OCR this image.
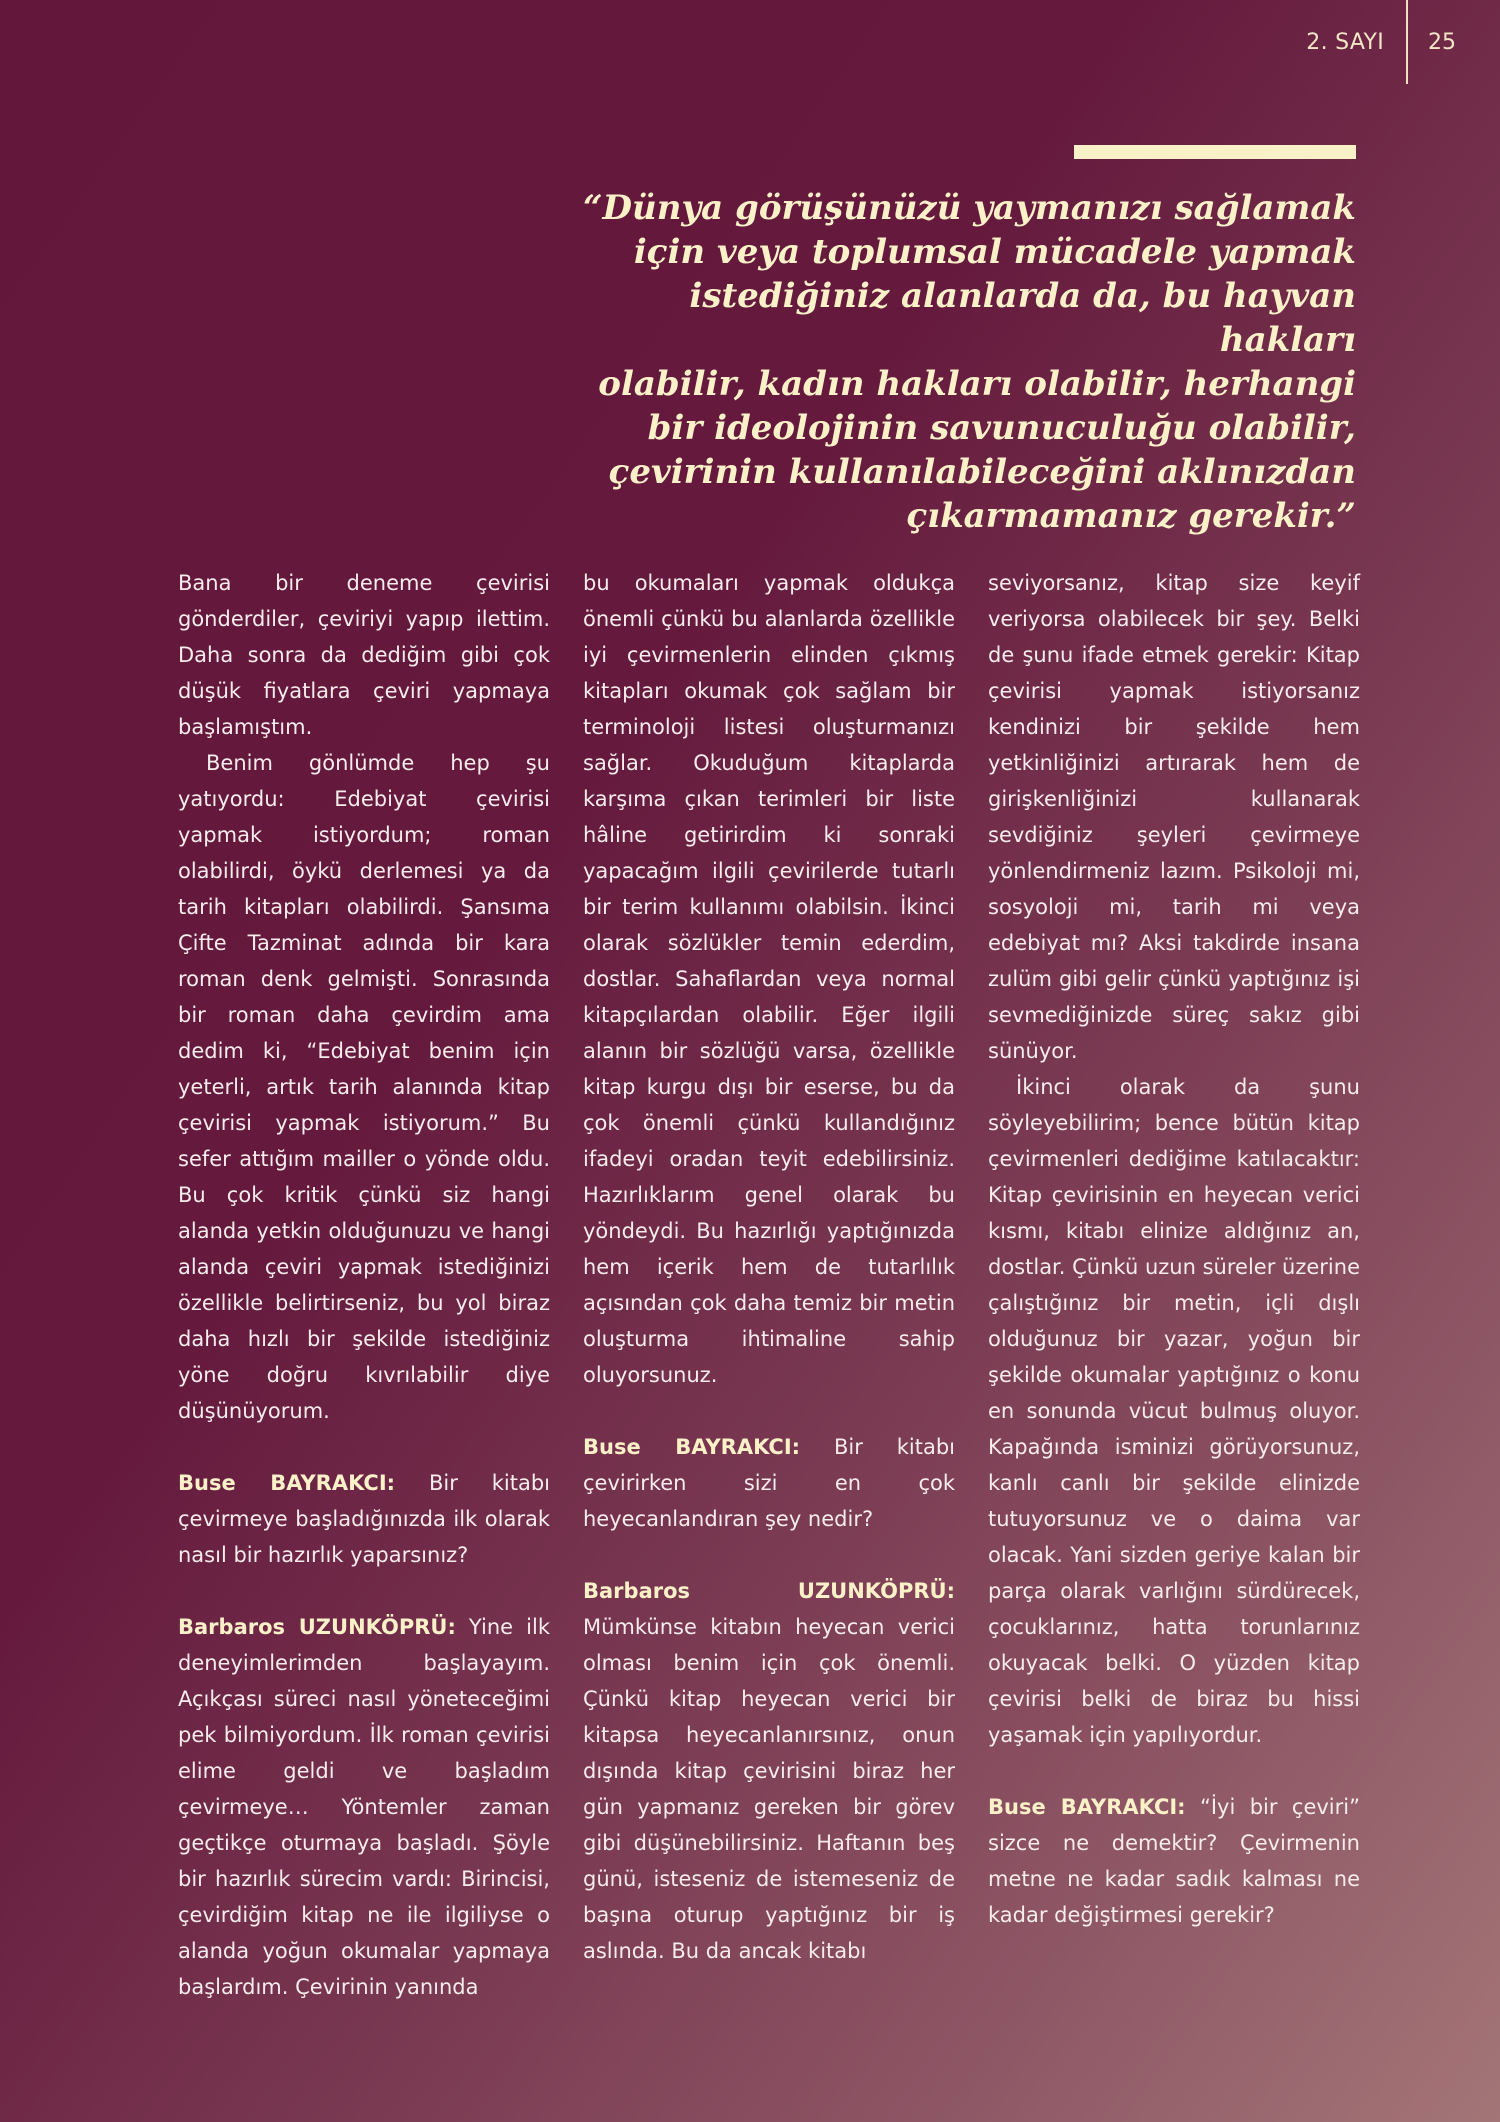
2. SAYI	25

“Dünya görüşünüzü yaymanızı sağlamak
için veya toplumsal mücadele yapmak
istediğiniz alanlarda da, bu hayvan hakları
olabilir, kadın hakları olabilir, herhangi
bir ideolojinin savunuculuğu olabilir,
çevirinin kullanılabileceğini aklınızdan
çıkarmamanız gerekir.”

Bana bir deneme çevirisi gönderdiler, çeviriyi yapıp ilettim. Daha sonra da dediğim gibi çok düşük fiyatlara çeviri yapmaya başlamıştım.

Benim gönlümde hep şu yatıyordu: Edebiyat çevirisi yapmak istiyordum; roman olabilirdi, öykü derlemesi ya da tarih kitapları olabilirdi. Şansıma Çifte Tazminat adında bir kara roman denk gelmişti. Sonrasında bir roman daha çevirdim ama dedim ki, “Edebiyat benim için yeterli, artık tarih alanında kitap çevirisi yapmak istiyorum.” Bu sefer attığım mailler o yönde oldu. Bu çok kritik çünkü siz hangi alanda yetkin olduğunuzu ve hangi alanda çeviri yapmak istediğinizi özellikle belirtirseniz, bu yol biraz daha hızlı bir şekilde istediğiniz yöne doğru kıvrılabilir diye düşünüyorum.

Buse BAYRAKCI: Bir kitabı çevirmeye başladığınızda ilk olarak nasıl bir hazırlık yaparsınız?

Barbaros UZUNKÖPRÜ: Yine ilk deneyimlerimden başlayayım. Açıkçası süreci nasıl yöneteceğimi pek bilmiyordum. İlk roman çevirisi elime geldi ve başladım çevirmeye… Yöntemler zaman geçtikçe oturmaya başladı. Şöyle bir hazırlık sürecim vardı: Birincisi, çevirdiğim kitap ne ile ilgiliyse o alanda yoğun okumalar yapmaya başlardım. Çevirinin yanında

bu okumaları yapmak oldukça önemli çünkü bu alanlarda özellikle iyi çevirmenlerin elinden çıkmış kitapları okumak çok sağlam bir terminoloji listesi oluşturmanızı sağlar. Okuduğum kitaplarda karşıma çıkan terimleri bir liste hâline getirirdim ki sonraki yapacağım ilgili çevirilerde tutarlı bir terim kullanımı olabilsin. İkinci olarak sözlükler temin ederdim, dostlar. Sahaflardan veya normal kitapçılardan olabilir. Eğer ilgili alanın bir sözlüğü varsa, özellikle kitap kurgu dışı bir eserse, bu da çok önemli çünkü kullandığınız ifadeyi oradan teyit edebilirsiniz. Hazırlıklarım genel olarak bu yöndeydi. Bu hazırlığı yaptığınızda hem içerik hem de tutarlılık açısından çok daha temiz bir metin oluşturma ihtimaline sahip oluyorsunuz.

Buse BAYRAKCI: Bir kitabı çevirirken sizi en çok heyecanlandıran şey nedir?

Barbaros UZUNKÖPRÜ: Mümkünse kitabın heyecan verici olması benim için çok önemli. Çünkü kitap heyecan verici bir kitapsa heyecanlanırsınız, onun dışında kitap çevirisini biraz her gün yapmanız gereken bir görev gibi düşünebilirsiniz. Haftanın beş günü, isteseniz de istemeseniz de başına oturup yaptığınız bir iş aslında. Bu da ancak kitabı

seviyorsanız, kitap size keyif veriyorsa olabilecek bir şey. Belki de şunu ifade etmek gerekir: Kitap çevirisi yapmak istiyorsanız kendinizi bir şekilde hem yetkinliğinizi artırarak hem de girişkenliğinizi kullanarak sevdiğiniz şeyleri çevirmeye yönlendirmeniz lazım. Psikoloji mi, sosyoloji mi, tarih mi veya edebiyat mı? Aksi takdirde insana zulüm gibi gelir çünkü yaptığınız işi sevmediğinizde süreç sakız gibi sünüyor.

İkinci olarak da şunu söyleyebilirim; bence bütün kitap çevirmenleri dediğime katılacaktır: Kitap çevirisinin en heyecan verici kısmı, kitabı elinize aldığınız an, dostlar. Çünkü uzun süreler üzerine çalıştığınız bir metin, içli dışlı olduğunuz bir yazar, yoğun bir şekilde okumalar yaptığınız o konu en sonunda vücut bulmuş oluyor. Kapağında isminizi görüyorsunuz, kanlı canlı bir şekilde elinizde tutuyorsunuz ve o daima var olacak. Yani sizden geriye kalan bir parça olarak varlığını sürdürecek, çocuklarınız, hatta torunlarınız okuyacak belki. O yüzden kitap çevirisi belki de biraz bu hissi yaşamak için yapılıyordur.

Buse BAYRAKCI: “İyi bir çeviri” sizce ne demektir? Çevirmenin metne ne kadar sadık kalması ne kadar değiştirmesi gerekir?
